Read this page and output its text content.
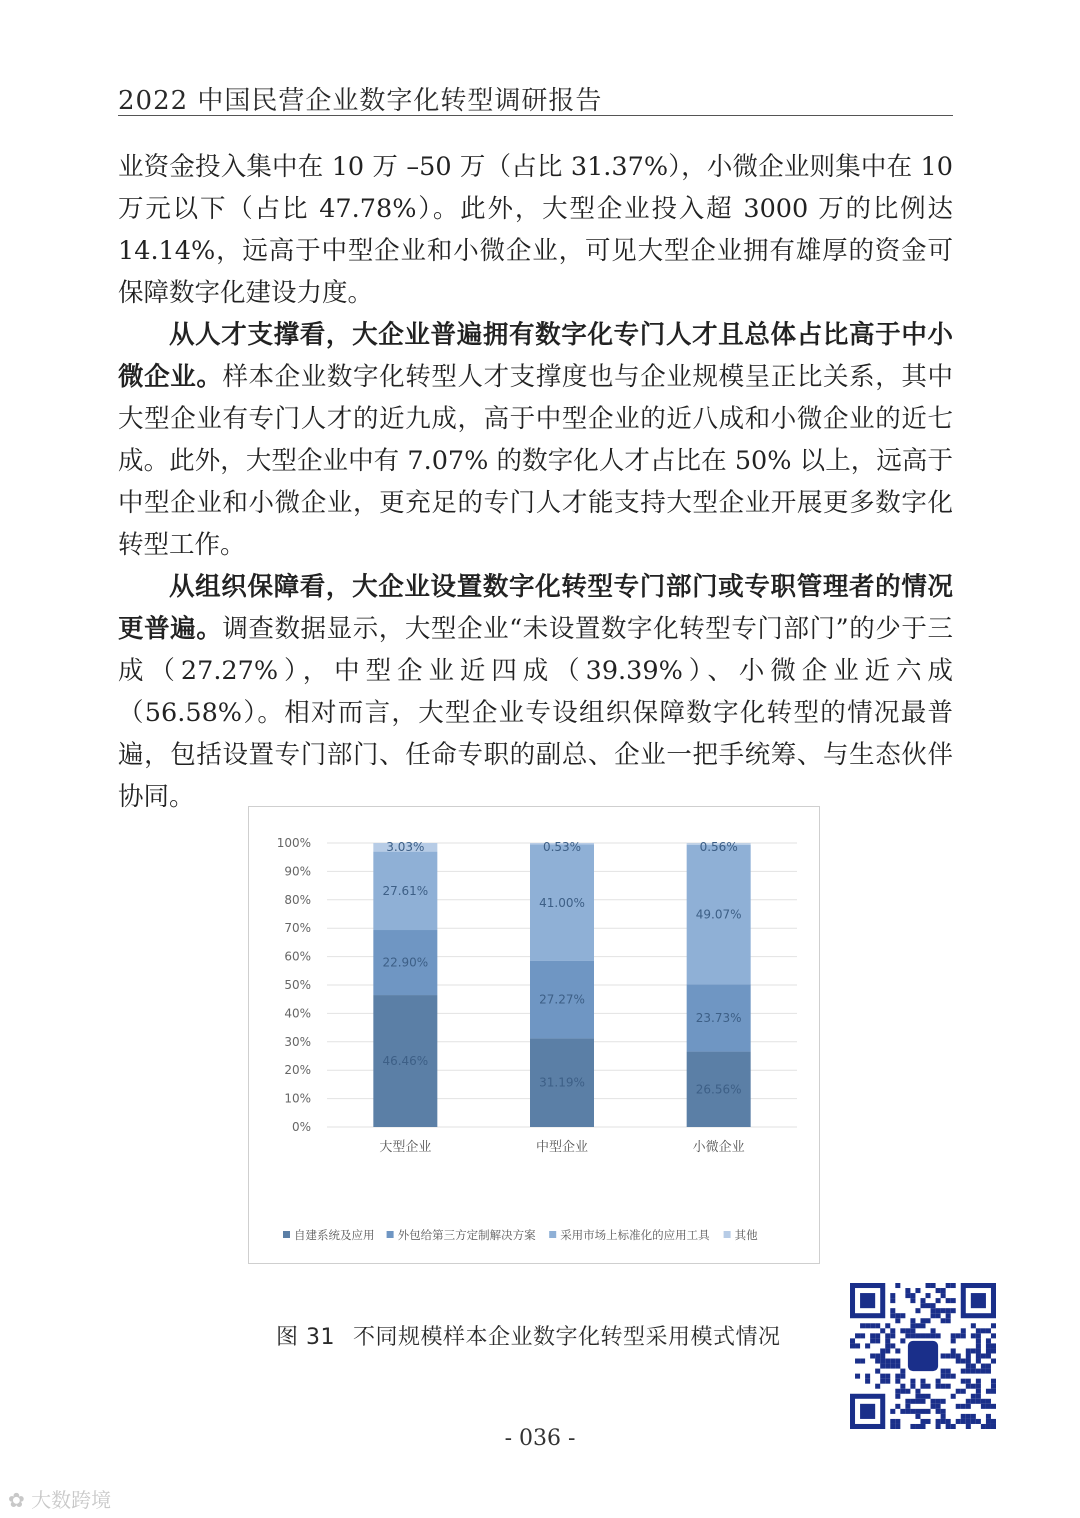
2022 中国民营企业数字化转型调研报告

业资金投入集中在 10 万 –50 万（占比 31.37%），小微企业则集中在 10 万元以下（占比 47.78%）。此外，大型企业投入超 3000 万的比例达 14.14%，远高于中型企业和小微企业，可见大型企业拥有雄厚的资金可保障数字化建设力度。

从人才支撑看，大企业普遍拥有数字化专门人才且总体占比高于中小微企业。样本企业数字化转型人才支撑度也与企业规模呈正比关系，其中大型企业有专门人才的近九成，高于中型企业的近八成和小微企业的近七成。此外，大型企业中有 7.07% 的数字化人才占比在 50% 以上，远高于中型企业和小微企业，更充足的专门人才能支持大型企业开展更多数字化转型工作。

从组织保障看，大企业设置数字化转型专门部门或专职管理者的情况更普遍。调查数据显示，大型企业“未设置数字化转型专门部门”的少于三成（27.27%），中型企业近四成（39.39%）、小微企业近六成（56.58%）。相对而言，大型企业专设组织保障数字化转型的情况最普遍，包括设置专门部门、任命专职的副总、企业一把手统筹、与生态伙伴协同。

0%
10%
20%
30%
40%
50%
60%
70%
80%
90%
100%
46.46%
22.90%
27.61%
3.03%
大型企业
31.19%
27.27%
41.00%
0.53%
中型企业
26.56%
23.73%
49.07%
0.56%
小微企业
自建系统及应用 外包给第三方定制解决方案 采用市场上标准化的应用工具 其他
图 31 不同规模样本企业数字化转型采用模式情况
- 036 -
✿ 大数跨境
